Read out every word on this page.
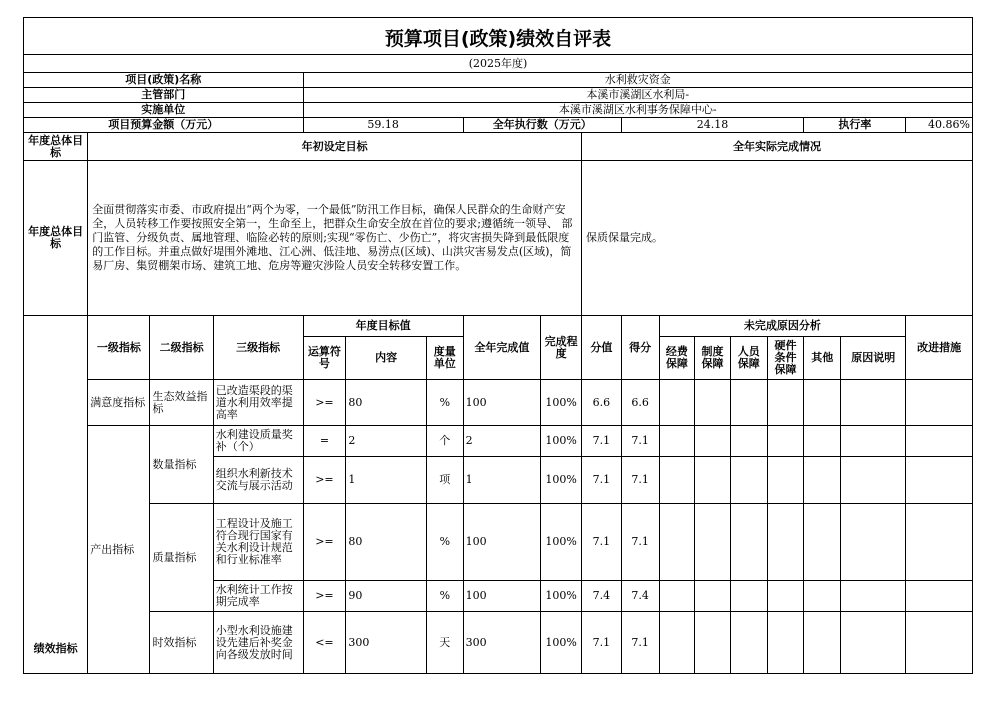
预算项目(政策)绩效自评表																	
(2025年度)																	
项目(政策)名称				水利救灾资金													
主管部门				本溪市溪湖区水利局-													
实施单位				本溪市溪湖区水利事务保障中心-													
项目预算金额（万元）				59.18			全年执行数（万元）			24.18					执行率		40.86%
年度总体目标	年初设定目标								全年实际完成情况								
年度总体目标	全面贯彻落实市委、市政府提出“两个为零，一个最低”防汛工作目标，确保人民群众的生命财产安全，人员转移工作要按照安全第一，生命至上，把群众生命安全放在首位的要求;遵循统一领导、 部门监管、分级负责、属地管理、临险必转的原则;实现“零伤亡、少伤亡”，将灾害损失降到最低限度的工作目标。并重点做好堤围外滩地、江心洲、低洼地、易涝点(区域)、山洪灾害易发点(区域)，简易厂房、集贸棚架市场、建筑工地、危房等避灾涉险人员安全转移安置工作。								保质保量完成。								
绩效指标	一级指标	二级指标	三级指标	年度目标值			全年完成值	完成程度	分值	得分	未完成原因分析						改进措施
				运算符号	内容	度量单位					经费保障	制度保障	人员保障	硬件条件保障	其他	原因说明	
	满意度指标	生态效益指标	已改造渠段的渠道水利用效率提高率	>=	80	%	100	100%	6.6	6.6							
	产出指标	数量指标	水利建设质量奖补（个）	=	2	个	2	100%	7.1	7.1							
			组织水利新技术交流与展示活动	>=	1	项	1	100%	7.1	7.1							
		质量指标	工程设计及施工符合现行国家有关水利设计规范和行业标准率	>=	80	%	100	100%	7.1	7.1							
			水利统计工作按期完成率	>=	90	%	100	100%	7.4	7.4							
		时效指标	小型水利设施建设先建后补奖金向各级发放时间	<=	300	天	300	100%	7.1	7.1							
